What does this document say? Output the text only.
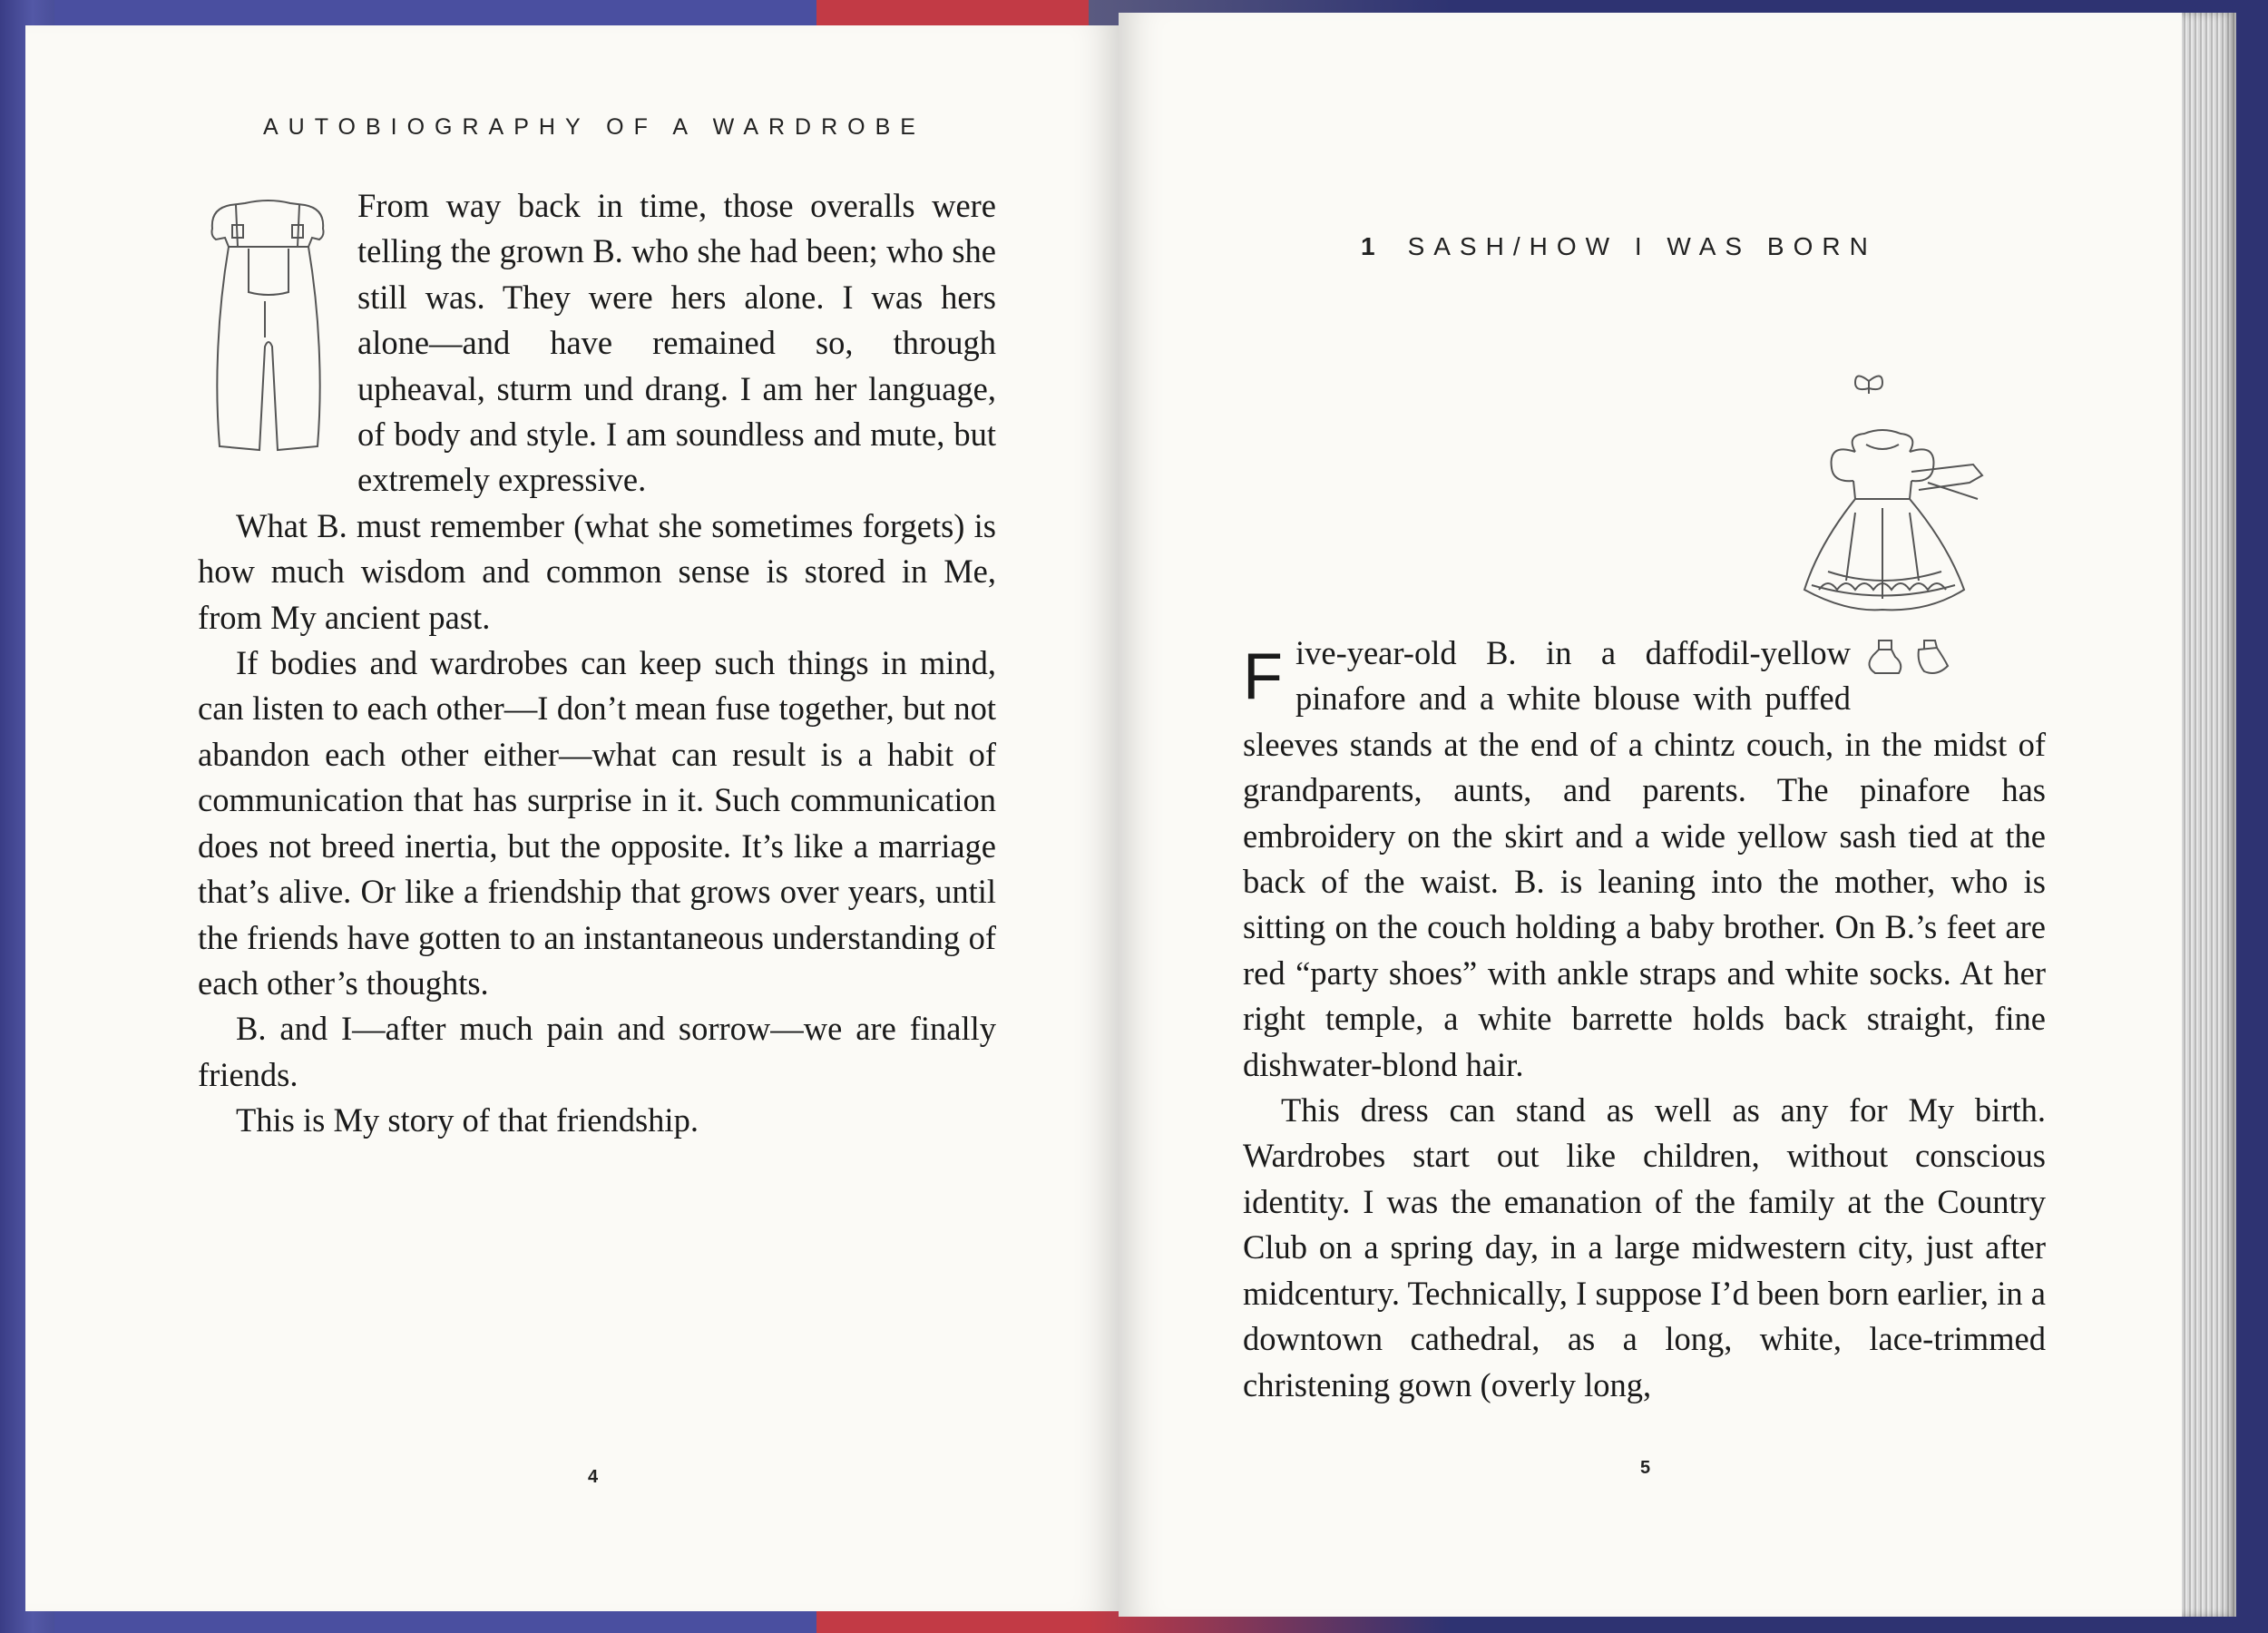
AUTOBIOGRAPHY OF A WARDROBE

From way back in time, those overalls were telling the grown B. who she had been; who she still was. They were hers alone. I was hers alone—and have remained so, through upheaval, sturm und drang. I am her language, of body and style. I am soundless and mute, but extremely expressive.

What B. must remember (what she sometimes forgets) is how much wisdom and common sense is stored in Me, from My ancient past.

If bodies and wardrobes can keep such things in mind, can listen to each other—I don’t mean fuse together, but not abandon each other either—what can result is a habit of communication that has surprise in it. Such communication does not breed inertia, but the opposite. It’s like a marriage that’s alive. Or like a friendship that grows over years, until the friends have gotten to an instantaneous understanding of each other’s thoughts.

B. and I—after much pain and sorrow—we are finally friends.

This is My story of that friendship.

4
1 SASH/HOW I WAS BORN
F ive-year-old B. in a daffodil-yellow pinafore and a white blouse with puffed sleeves stands at the end of a chintz couch, in the midst of grandparents, aunts, and parents. The pinafore has embroidery on the skirt and a wide yellow sash tied at the back of the waist. B. is leaning into the mother, who is sitting on the couch holding a baby brother. On B.’s feet are red “party shoes” with ankle straps and white socks. At her right temple, a white barrette holds back straight, fine dishwater-blond hair.

This dress can stand as well as any for My birth. Wardrobes start out like children, without conscious identity. I was the emanation of the family at the Country Club on a spring day, in a large midwestern city, just after midcentury. Technically, I suppose I’d been born earlier, in a downtown cathedral, as a long, white, lace-trimmed christening gown (overly long,

5
